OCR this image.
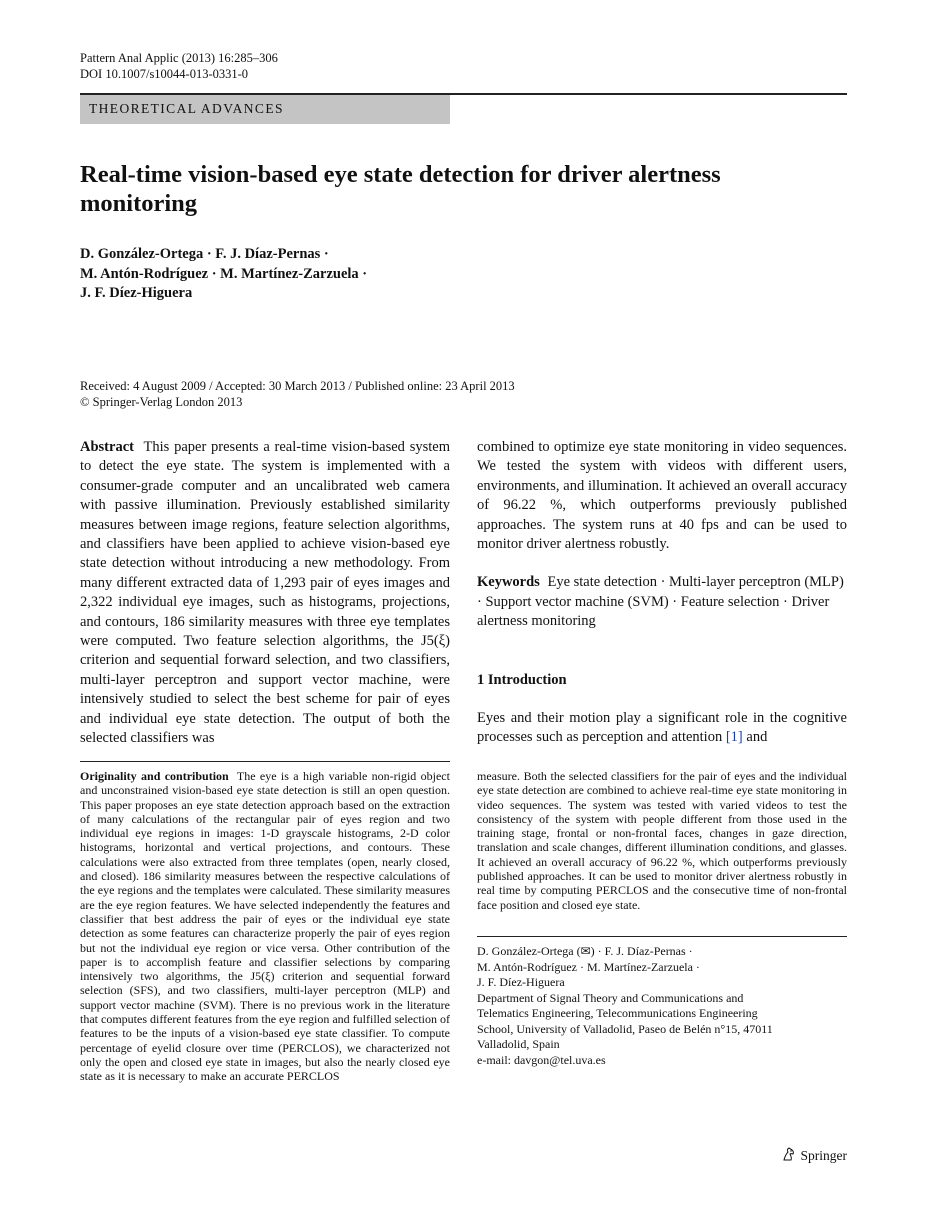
Pattern Anal Applic (2013) 16:285–306
DOI 10.1007/s10044-013-0331-0
THEORETICAL ADVANCES
Real-time vision-based eye state detection for driver alertness monitoring
D. González-Ortega · F. J. Díaz-Pernas ·
M. Antón-Rodríguez · M. Martínez-Zarzuela ·
J. F. Díez-Higuera
Received: 4 August 2009 / Accepted: 30 March 2013 / Published online: 23 April 2013
© Springer-Verlag London 2013

Abstract This paper presents a real-time vision-based system to detect the eye state. The system is implemented with a consumer-grade computer and an uncalibrated web camera with passive illumination. Previously established similarity measures between image regions, feature selection algorithms, and classifiers have been applied to achieve vision-based eye state detection without introducing a new methodology. From many different extracted data of 1,293 pair of eyes images and 2,322 individual eye images, such as histograms, projections, and contours, 186 similarity measures with three eye templates were computed. Two feature selection algorithms, the J5(ξ) criterion and sequential forward selection, and two classifiers, multi-layer perceptron and support vector machine, were intensively studied to select the best scheme for pair of eyes and individual eye state detection. The output of both the selected classifiers was

combined to optimize eye state monitoring in video sequences. We tested the system with videos with different users, environments, and illumination. It achieved an overall accuracy of 96.22 %, which outperforms previously published approaches. The system runs at 40 fps and can be used to monitor driver alertness robustly.

Keywords Eye state detection · Multi-layer perceptron (MLP) · Support vector machine (SVM) · Feature selection · Driver alertness monitoring

1 Introduction

Eyes and their motion play a significant role in the cognitive processes such as perception and attention [1] and

Originality and contribution The eye is a high variable non-rigid object and unconstrained vision-based eye state detection is still an open question. This paper proposes an eye state detection approach based on the extraction of many calculations of the rectangular pair of eyes region and two individual eye regions in images: 1-D grayscale histograms, 2-D color histograms, horizontal and vertical projections, and contours. These calculations were also extracted from three templates (open, nearly closed, and closed). 186 similarity measures between the respective calculations of the eye regions and the templates were calculated. These similarity measures are the eye region features. We have selected independently the features and classifier that best address the pair of eyes or the individual eye state detection as some features can characterize properly the pair of eyes region but not the individual eye region or vice versa. Other contribution of the paper is to accomplish feature and classifier selections by comparing intensively two algorithms, the J5(ξ) criterion and sequential forward selection (SFS), and two classifiers, multi-layer perceptron (MLP) and support vector machine (SVM). There is no previous work in the literature that computes different features from the eye region and fulfilled selection of features to be the inputs of a vision-based eye state classifier. To compute percentage of eyelid closure over time (PERCLOS), we characterized not only the open and closed eye state in images, but also the nearly closed eye state as it is necessary to make an accurate PERCLOS
measure. Both the selected classifiers for the pair of eyes and the individual eye state detection are combined to achieve real-time eye state monitoring in video sequences. The system was tested with varied videos to test the consistency of the system with people different from those used in the training stage, frontal or non-frontal faces, changes in gaze direction, translation and scale changes, different illumination conditions, and glasses. It achieved an overall accuracy of 96.22 %, which outperforms previously published approaches. It can be used to monitor driver alertness robustly in real time by computing PERCLOS and the consecutive time of non-frontal face position and closed eye state.
D. González-Ortega (✉) · F. J. Díaz-Pernas ·
M. Antón-Rodríguez · M. Martínez-Zarzuela ·
J. F. Díez-Higuera
Department of Signal Theory and Communications and
Telematics Engineering, Telecommunications Engineering
School, University of Valladolid, Paseo de Belén n°15, 47011
Valladolid, Spain
e-mail: davgon@tel.uva.es
Springer
